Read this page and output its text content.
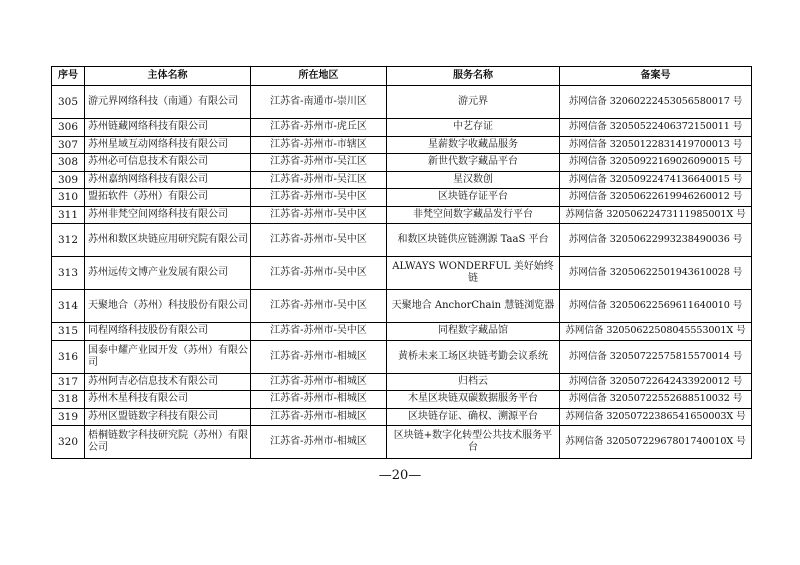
序号	主体名称	所在地区	服务名称	备案号
305	游元界网络科技（南通）有限公司	江苏省-南通市-崇川区	游元界	苏网信备 32060222453056580017 号
306	苏州链藏网络科技有限公司	江苏省-苏州市-虎丘区	中艺存证	苏网信备 32050522406372150011 号
307	苏州星域互动网络科技有限公司	江苏省-苏州市-市辖区	星薪数字收藏品服务	苏网信备 32050122831419700013 号
308	苏州必可信息技术有限公司	江苏省-苏州市-吴江区	新世代数字藏品平台	苏网信备 32050922169026090015 号
309	苏州嘉纳网络科技有限公司	江苏省-苏州市-吴江区	星汉数创	苏网信备 32050922474136640015 号
310	盟拓软件（苏州）有限公司	江苏省-苏州市-吴中区	区块链存证平台	苏网信备 32050622619946260012 号
311	苏州非梵空间网络科技有限公司	江苏省-苏州市-吴中区	非梵空间数字藏品发行平台	苏网信备 32050622473111985001X 号
312	苏州和数区块链应用研究院有限公司	江苏省-苏州市-吴中区	和数区块链供应链溯源 TaaS 平台	苏网信备 32050622993238490036 号
313	苏州远传文博产业发展有限公司	江苏省-苏州市-吴中区	ALWAYS WONDERFUL 美好始终链	苏网信备 32050622501943610028 号
314	天聚地合（苏州）科技股份有限公司	江苏省-苏州市-吴中区	天聚地合 AnchorChain 慧链浏览器	苏网信备 32050622569611640010 号
315	同程网络科技股份有限公司	江苏省-苏州市-吴中区	同程数字藏品馆	苏网信备 32050622508045553001X 号
316	国泰中耀产业园开发（苏州）有限公司	江苏省-苏州市-相城区	黄桥未来工场区块链考勤会议系统	苏网信备 32050722575815570014 号
317	苏州阿吉必信息技术有限公司	江苏省-苏州市-相城区	归档云	苏网信备 32050722642433920012 号
318	苏州木星科技有限公司	江苏省-苏州市-相城区	木星区块链双碳数据服务平台	苏网信备 32050722552688510032 号
319	苏州区盟链数字科技有限公司	江苏省-苏州市-相城区	区块链存证、确权、溯源平台	苏网信备 32050722386541650003X 号
320	梧桐链数字科技研究院（苏州）有限公司	江苏省-苏州市-相城区	区块链+数字化转型公共技术服务平台	苏网信备 32050722967801740010X 号
—20—
